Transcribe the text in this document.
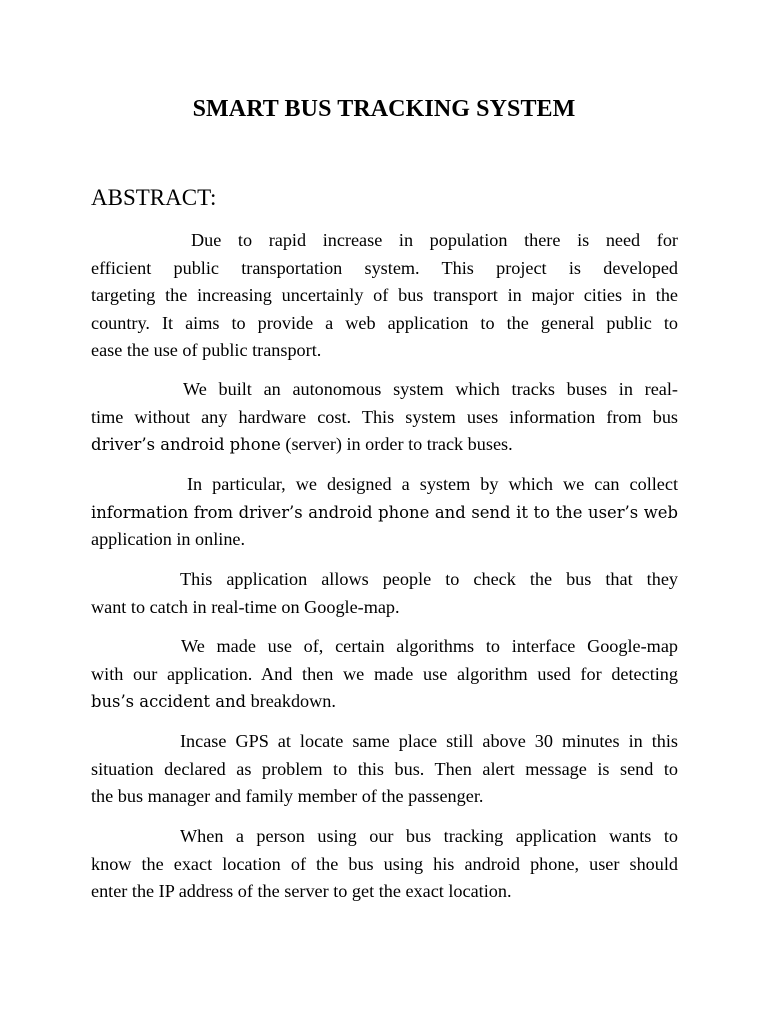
SMART BUS TRACKING SYSTEM
ABSTRACT:
Due to rapid increase in population there is need for
efficient public transportation system. This project is developed
targeting the increasing uncertainly of bus transport in major cities in the
country. It aims to provide a web application to the general public to
ease the use of public transport.
We built an autonomous system which tracks buses in real-
time without any hardware cost. This system uses information from bus
driver’s android phone (server) in order to track buses.
In particular, we designed a system by which we can collect
information from driver’s android phone and send it to the user’s web
application in online.
This application allows people to check the bus that they
want to catch in real-time on Google-map.
We made use of, certain algorithms to interface Google-map
with our application. And then we made use algorithm used for detecting
bus’s accident and breakdown.
Incase GPS at locate same place still above 30 minutes in this
situation declared as problem to this bus. Then alert message is send to
the bus manager and family member of the passenger.
When a person using our bus tracking application wants to
know the exact location of the bus using his android phone, user should
enter the IP address of the server to get the exact location.
